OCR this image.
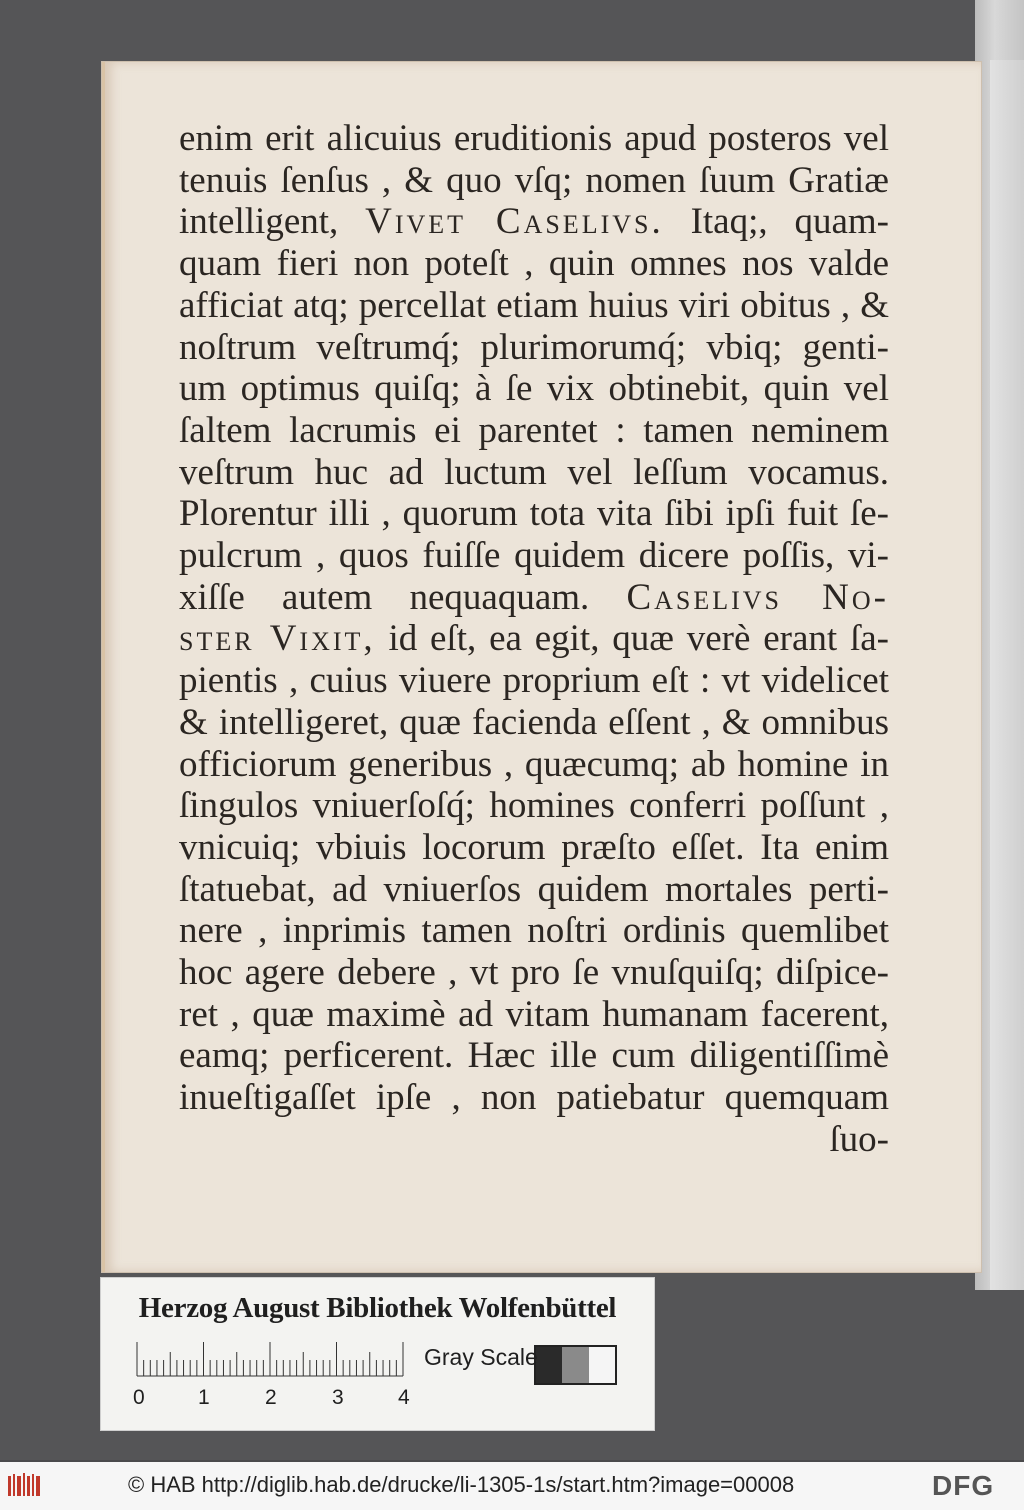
enim erit alicuius eruditionis apud posteros vel
tenuis ſenſus , & quo vſq; nomen ſuum Gratiæ
intelligent, Vivet Caselivs. Itaq;, quam-
quam fieri non poteſt , quin omnes nos valde
afficiat atq; percellat etiam huius viri obitus , &
noſtrum veſtrumq́; plurimorumq́; vbiq; genti-
um optimus quiſq; à ſe vix obtinebit, quin vel
ſaltem lacrumis ei parentet : tamen neminem
veſtrum huc ad luctum vel leſſum vocamus.
Plorentur illi , quorum tota vita ſibi ipſi fuit ſe-
pulcrum , quos fuiſſe quidem dicere poſſis, vi-
xiſſe autem nequaquam. Caselivs No-
ster Vixit, id eſt, ea egit, quæ verè erant ſa-
pientis , cuius viuere proprium eſt : vt videlicet
& intelligeret, quæ facienda eſſent , & omnibus
officiorum generibus , quæcumq; ab homine in
ſingulos vniuerſoſq́; homines conferri poſſunt ,
vnicuiq; vbiuis locorum præſto eſſet. Ita enim
ſtatuebat, ad vniuerſos quidem mortales perti-
nere , inprimis tamen noſtri ordinis quemlibet
hoc agere debere , vt pro ſe vnuſquiſq; diſpice-
ret , quæ maximè ad vitam humanam facerent,
eamq; perficerent. Hæc ille cum diligentiſſimè
inueſtigaſſet ipſe , non patiebatur quemquam
ſuo-
Herzog August Bibliothek Wolfenbüttel
0	1	2	3	4
Gray Scale
© HAB http://diglib.hab.de/drucke/li-1305-1s/start.htm?image=00008	DFG
